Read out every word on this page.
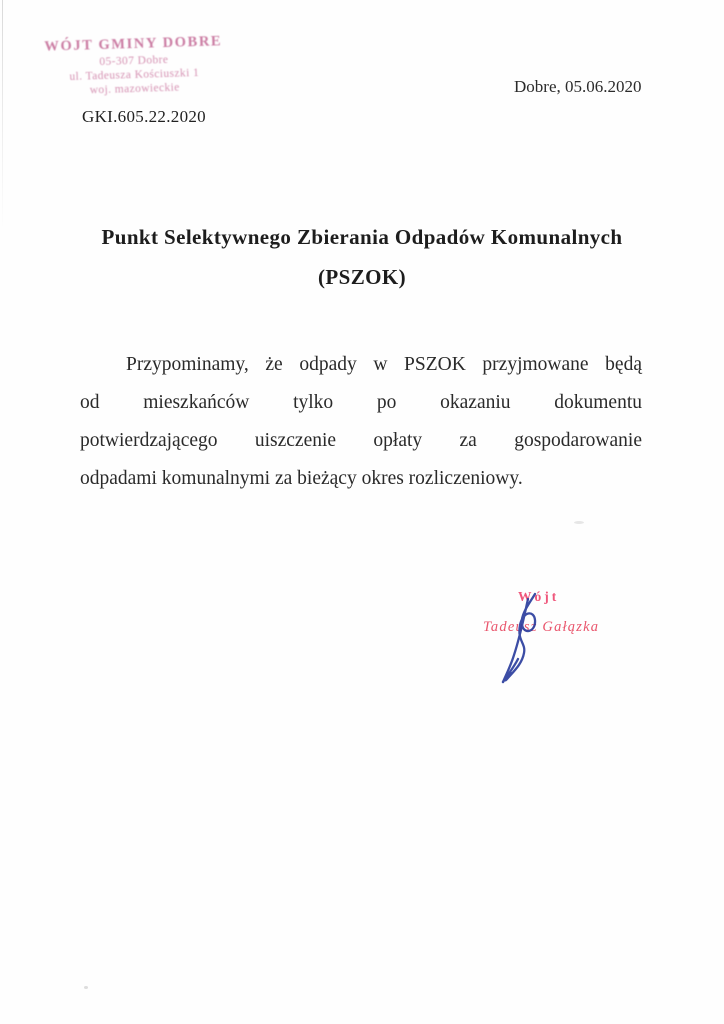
WÓJT GMINY DOBRE
05-307 Dobre
ul. Tadeusza Kościuszki 1
woj. mazowieckie	Dobre, 05.06.2020
GKI.605.22.2020
Punkt Selektywnego Zbierania Odpadów Komunalnych
(PSZOK)
Przypominamy, że odpady w PSZOK przyjmowane będą
od mieszkańców tylko po okazaniu dokumentu
potwierdzającego uiszczenie opłaty za gospodarowanie
odpadami komunalnymi za bieżący okres rozliczeniowy.
Wójt
Tadeusz Gałązka
